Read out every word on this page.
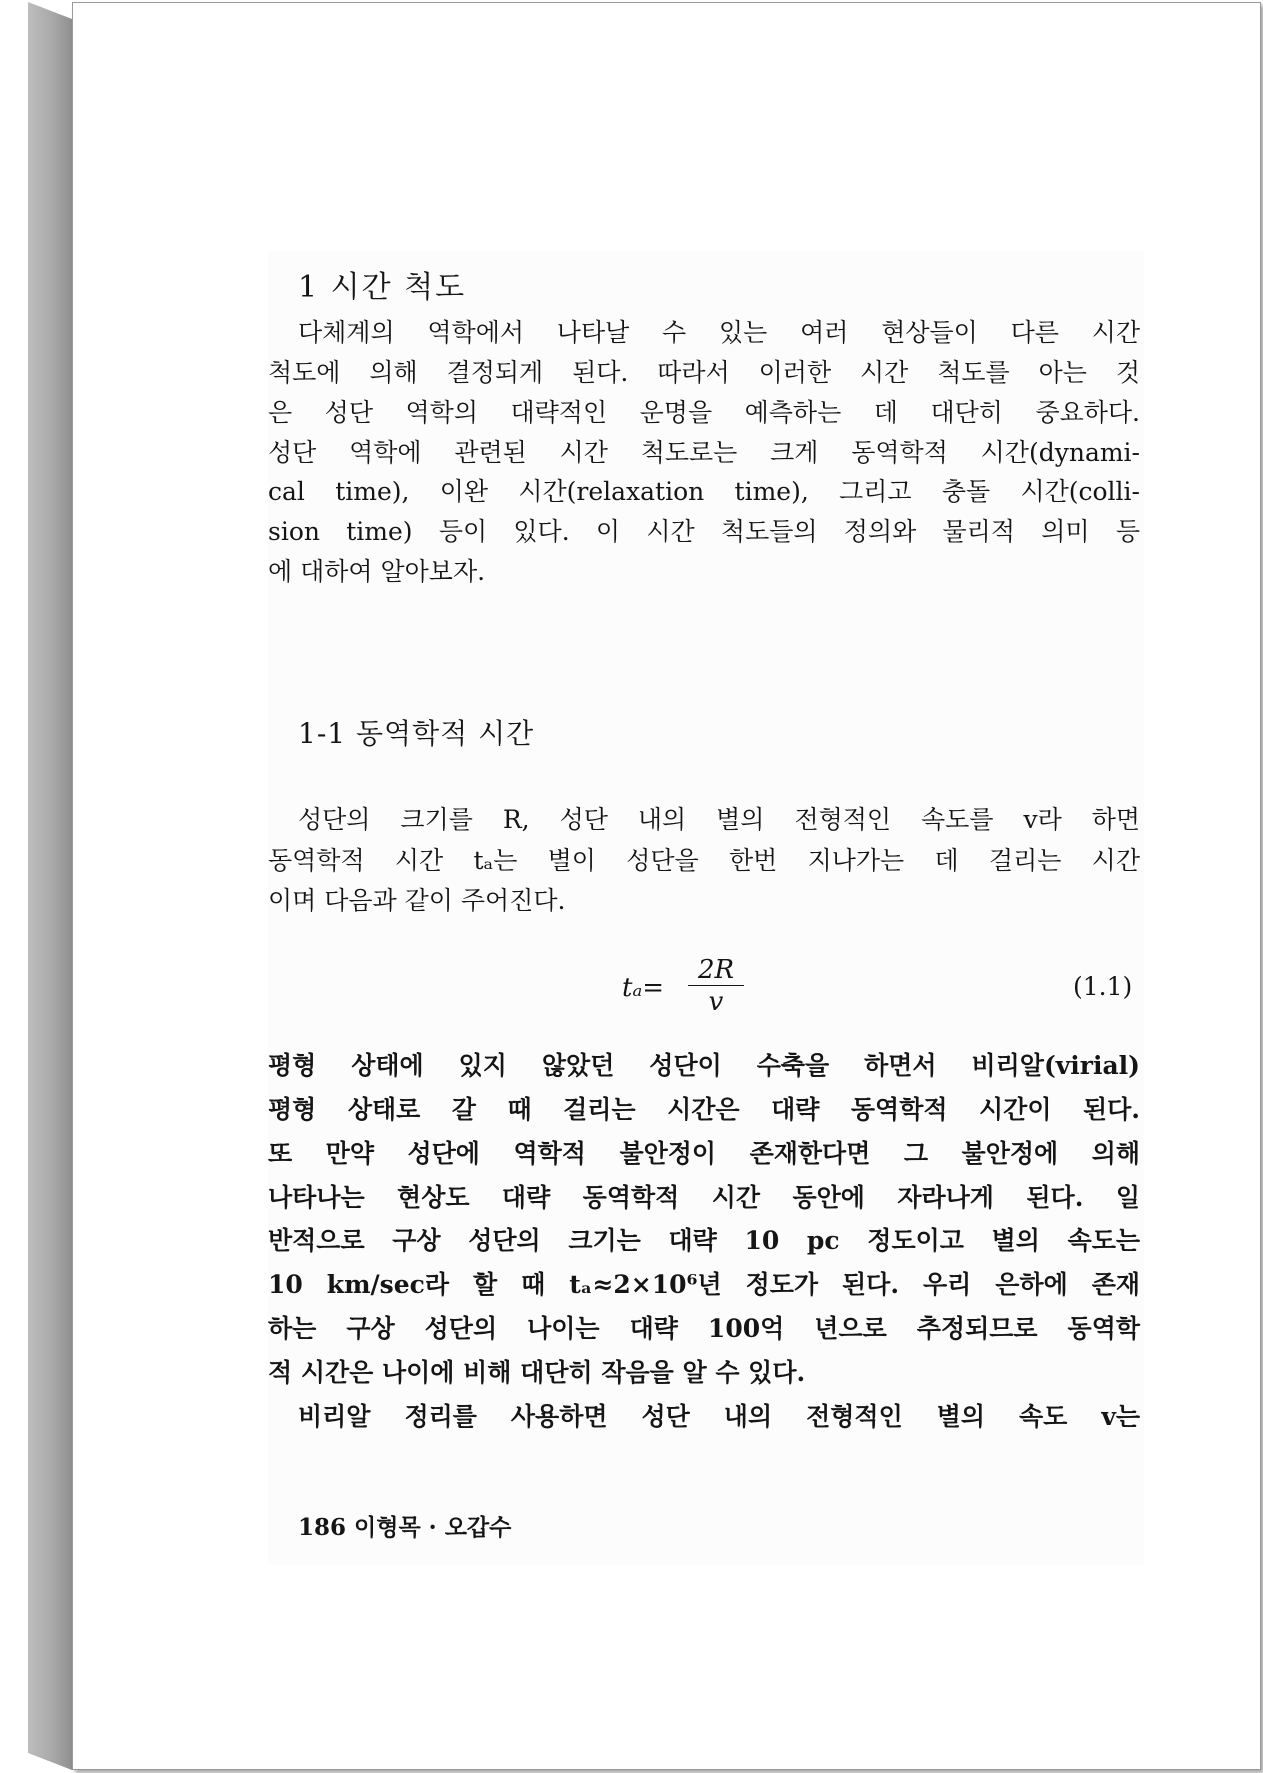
1 시간 척도
다체계의 역학에서 나타날 수 있는 여러 현상들이 다른 시간
척도에 의해 결정되게 된다. 따라서 이러한 시간 척도를 아는 것
은 성단 역학의 대략적인 운명을 예측하는 데 대단히 중요하다.
성단 역학에 관련된 시간 척도로는 크게 동역학적 시간(dynami-
cal time), 이완 시간(relaxation time), 그리고 충돌 시간(colli-
sion time) 등이 있다. 이 시간 척도들의 정의와 물리적 의미 등
에 대하여 알아보자.
1-1 동역학적 시간
성단의 크기를 R, 성단 내의 별의 전형적인 속도를 v라 하면
동역학적 시간 tₐ는 별이 성단을 한번 지나가는 데 걸리는 시간
이며 다음과 같이 주어진다.
$t_a= \frac{2R}{v}$	(1.1)
평형 상태에 있지 않았던 성단이 수축을 하면서 비리알(virial)
평형 상태로 갈 때 걸리는 시간은 대략 동역학적 시간이 된다.
또 만약 성단에 역학적 불안정이 존재한다면 그 불안정에 의해
나타나는 현상도 대략 동역학적 시간 동안에 자라나게 된다. 일
반적으로 구상 성단의 크기는 대략 10 pc 정도이고 별의 속도는
10 km/sec라 할 때 tₐ≈2×10⁶년 정도가 된다. 우리 은하에 존재
하는 구상 성단의 나이는 대략 100억 년으로 추정되므로 동역학
적 시간은 나이에 비해 대단히 작음을 알 수 있다.
비리알 정리를 사용하면 성단 내의 전형적인 별의 속도 v는
186 이형목 · 오갑수
